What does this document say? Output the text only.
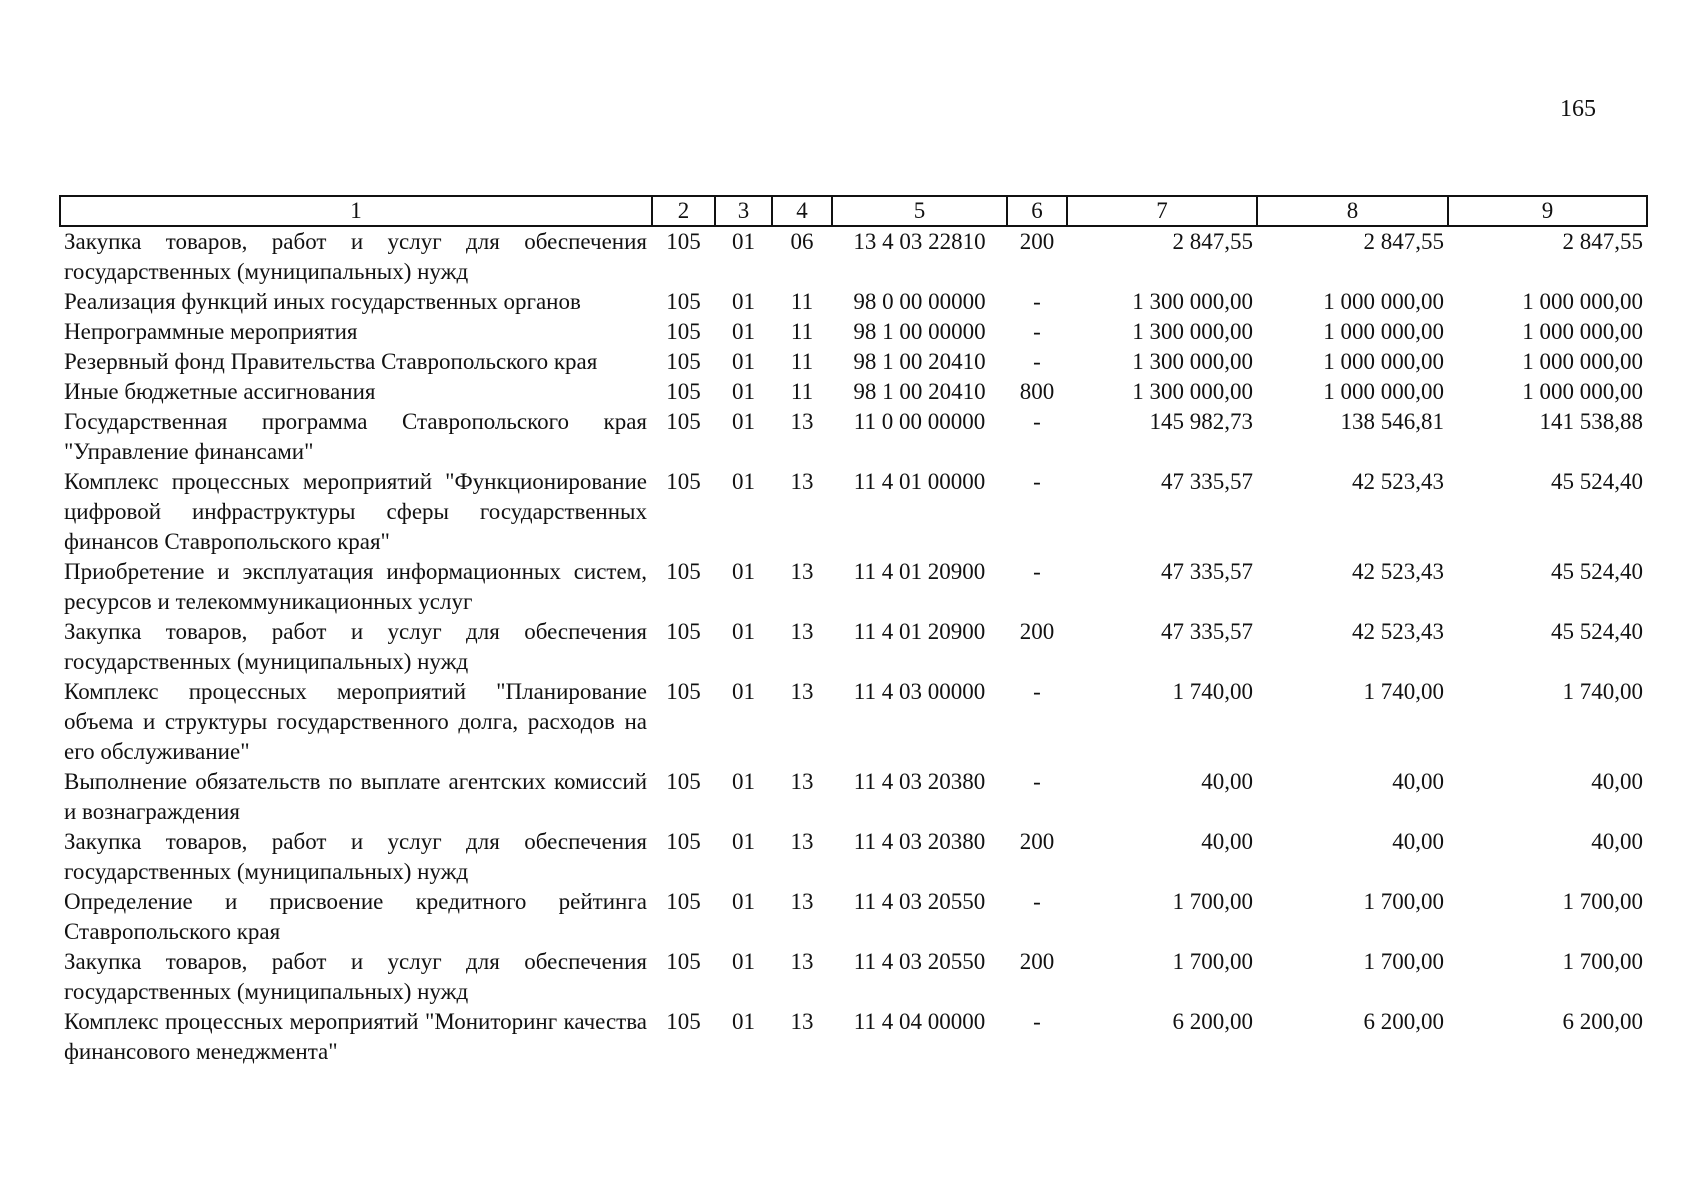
165
1	2	3	4	5	6	7	8	9
Закупка товаров, работ и услуг для обеспечения государственных (муниципальных) нужд	105	01	06	13 4 03 22810	200	2 847,55	2 847,55	2 847,55
Реализация функций иных государственных органов	105	01	11	98 0 00 00000	-	1 300 000,00	1 000 000,00	1 000 000,00
Непрограммные мероприятия	105	01	11	98 1 00 00000	-	1 300 000,00	1 000 000,00	1 000 000,00
Резервный фонд Правительства Ставропольского края	105	01	11	98 1 00 20410	-	1 300 000,00	1 000 000,00	1 000 000,00
Иные бюджетные ассигнования	105	01	11	98 1 00 20410	800	1 300 000,00	1 000 000,00	1 000 000,00
Государственная программа Ставропольского края "Управление финансами"	105	01	13	11 0 00 00000	-	145 982,73	138 546,81	141 538,88
Комплекс процессных мероприятий "Функционирование цифровой инфраструктуры сферы государственных финансов Ставропольского края"	105	01	13	11 4 01 00000	-	47 335,57	42 523,43	45 524,40
Приобретение и эксплуатация информационных систем, ресурсов и телекоммуникационных услуг	105	01	13	11 4 01 20900	-	47 335,57	42 523,43	45 524,40
Закупка товаров, работ и услуг для обеспечения государственных (муниципальных) нужд	105	01	13	11 4 01 20900	200	47 335,57	42 523,43	45 524,40
Комплекс процессных мероприятий "Планирование объема и структуры государственного долга, расходов на его обслуживание"	105	01	13	11 4 03 00000	-	1 740,00	1 740,00	1 740,00
Выполнение обязательств по выплате агентских комиссий и вознаграждения	105	01	13	11 4 03 20380	-	40,00	40,00	40,00
Закупка товаров, работ и услуг для обеспечения государственных (муниципальных) нужд	105	01	13	11 4 03 20380	200	40,00	40,00	40,00
Определение и присвоение кредитного рейтинга Ставропольского края	105	01	13	11 4 03 20550	-	1 700,00	1 700,00	1 700,00
Закупка товаров, работ и услуг для обеспечения государственных (муниципальных) нужд	105	01	13	11 4 03 20550	200	1 700,00	1 700,00	1 700,00
Комплекс процессных мероприятий "Мониторинг качества финансового менеджмента"	105	01	13	11 4 04 00000	-	6 200,00	6 200,00	6 200,00
